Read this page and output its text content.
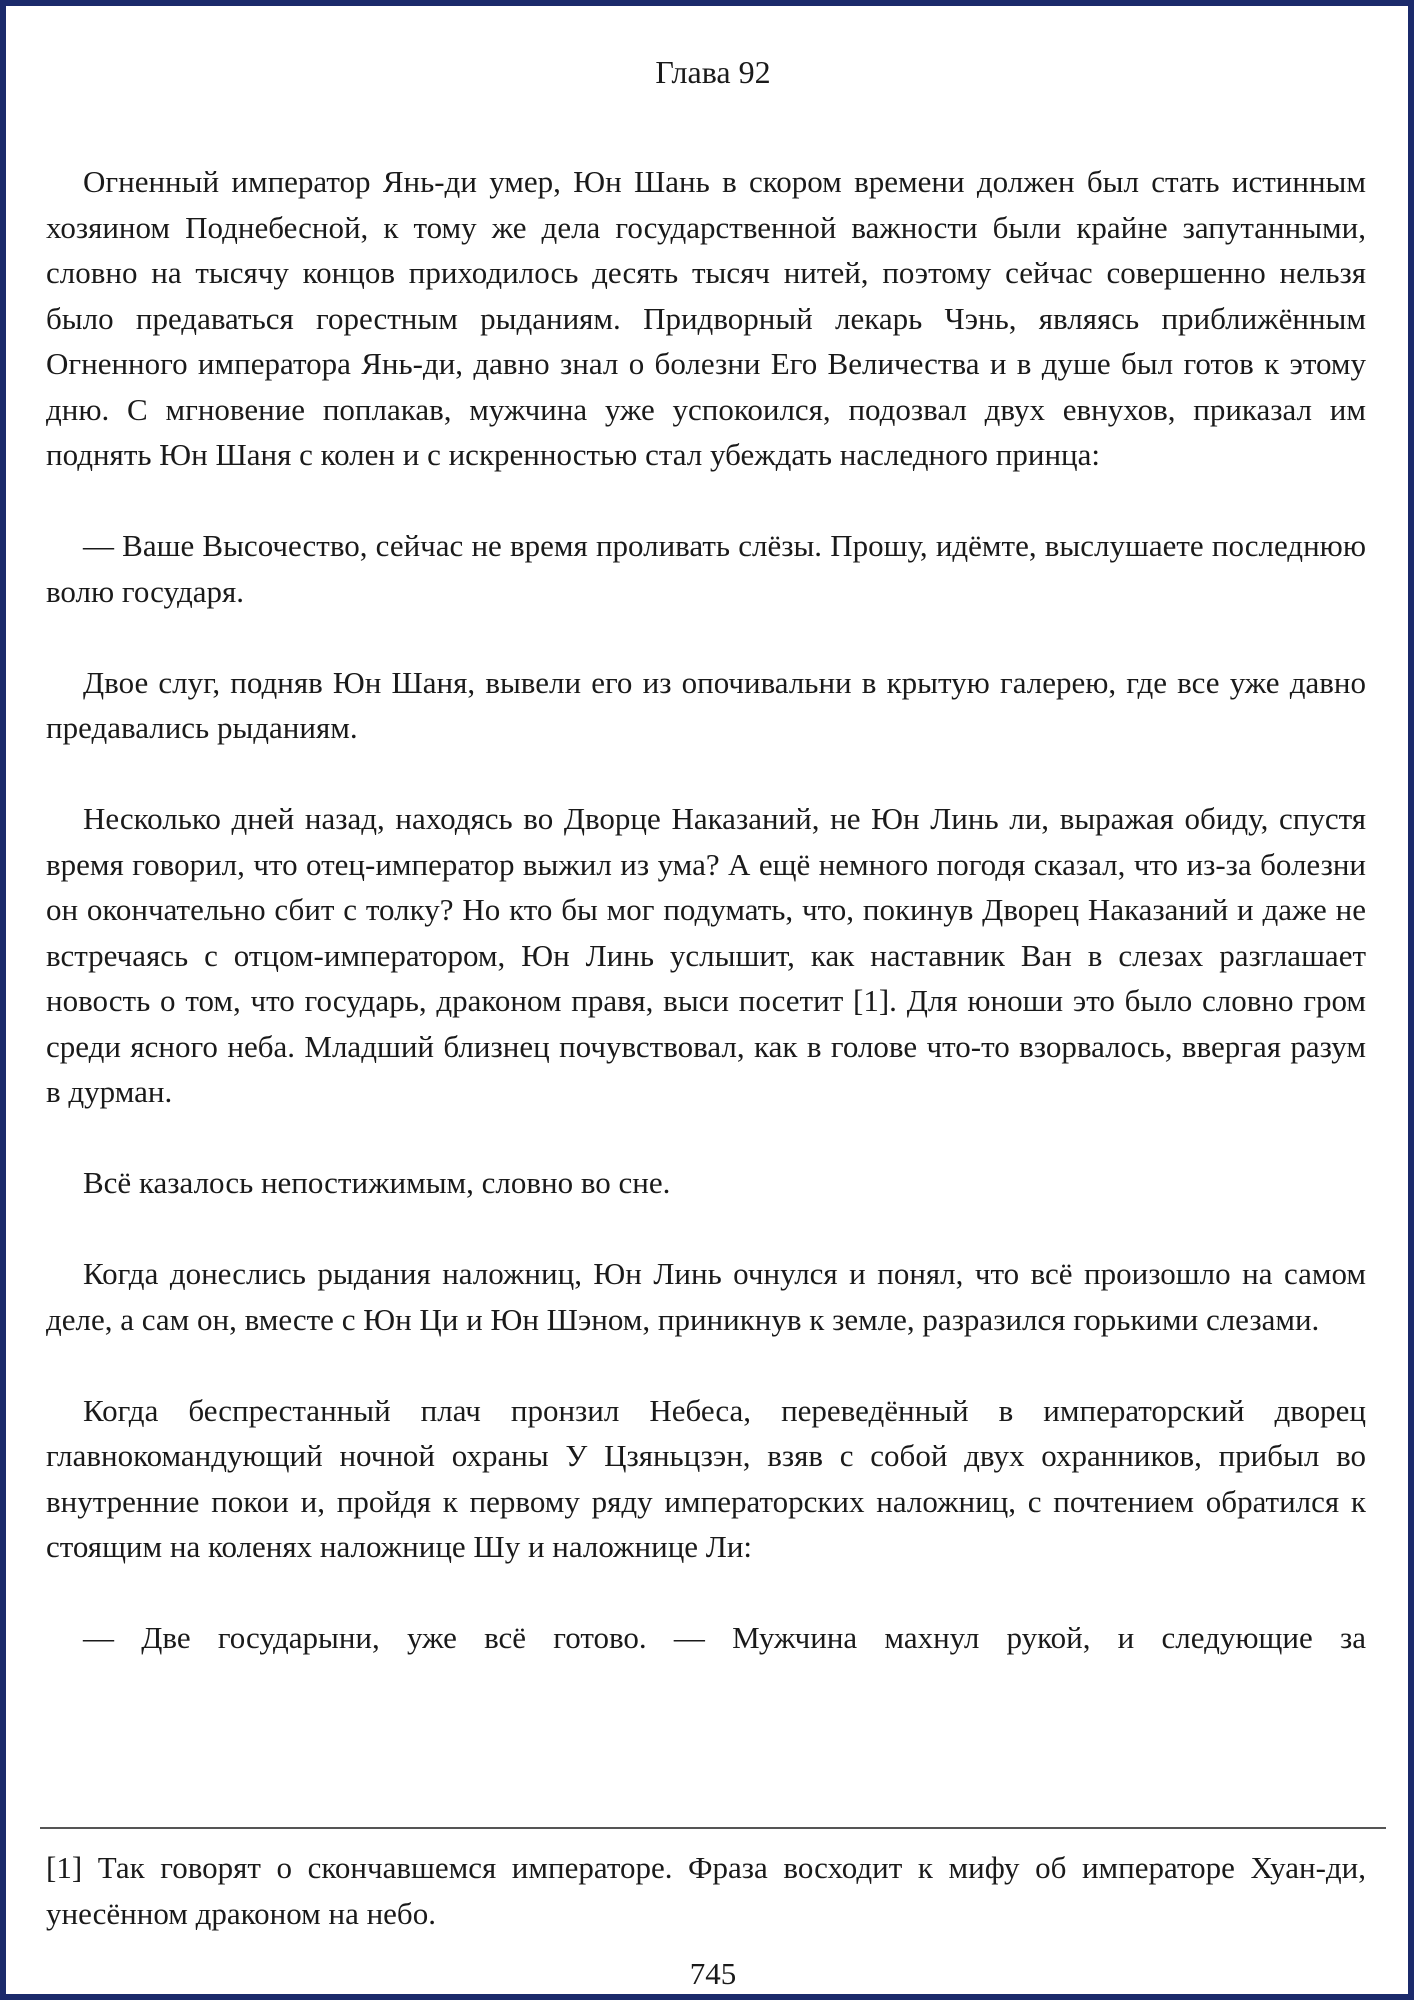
Глава 92

Огненный император Янь-ди умер, Юн Шань в скором времени должен был стать истинным хозяином Поднебесной, к тому же дела государственной важности были крайне запутанными, словно на тысячу концов приходилось десять тысяч нитей, поэтому сейчас совершенно нельзя было предаваться горестным рыданиям. Придворный лекарь Чэнь, являясь приближённым Огненного императора Янь-ди, давно знал о болезни Его Величества и в душе был готов к этому дню. С мгновение поплакав, мужчина уже успокоился, подозвал двух евнухов, приказал им поднять Юн Шаня с колен и с искренностью стал убеждать наследного принца:

— Ваше Высочество, сейчас не время проливать слёзы. Прошу, идёмте, выслушаете последнюю волю государя.

Двое слуг, подняв Юн Шаня, вывели его из опочивальни в крытую галерею, где все уже давно предавались рыданиям.

Несколько дней назад, находясь во Дворце Наказаний, не Юн Линь ли, выражая обиду, спустя время говорил, что отец-император выжил из ума? А ещё немного погодя сказал, что из-за болезни он окончательно сбит с толку? Но кто бы мог подумать, что, покинув Дворец Наказаний и даже не встречаясь с отцом-императором, Юн Линь услышит, как наставник Ван в слезах разглашает новость о том, что государь, драконом правя, выси посетит [1]. Для юноши это было словно гром среди ясного неба. Младший близнец почувствовал, как в голове что-то взорвалось, ввергая разум в дурман.

Всё казалось непостижимым, словно во сне.

Когда донеслись рыдания наложниц, Юн Линь очнулся и понял, что всё произошло на самом деле, а сам он, вместе с Юн Ци и Юн Шэном, приникнув к земле, разразился горькими слезами.

Когда беспрестанный плач пронзил Небеса, переведённый в императорский дворец главнокомандующий ночной охраны У Цзяньцзэн, взяв с собой двух охранников, прибыл во внутренние покои и, пройдя к первому ряду императорских наложниц, с почтением обратился к стоящим на коленях наложнице Шу и наложнице Ли:

— Две государыни, уже всё готово. — Мужчина махнул рукой, и следующие за

[1] Так говорят о скончавшемся императоре. Фраза восходит к мифу об императоре Хуан-ди, унесённом драконом на небо.
745
